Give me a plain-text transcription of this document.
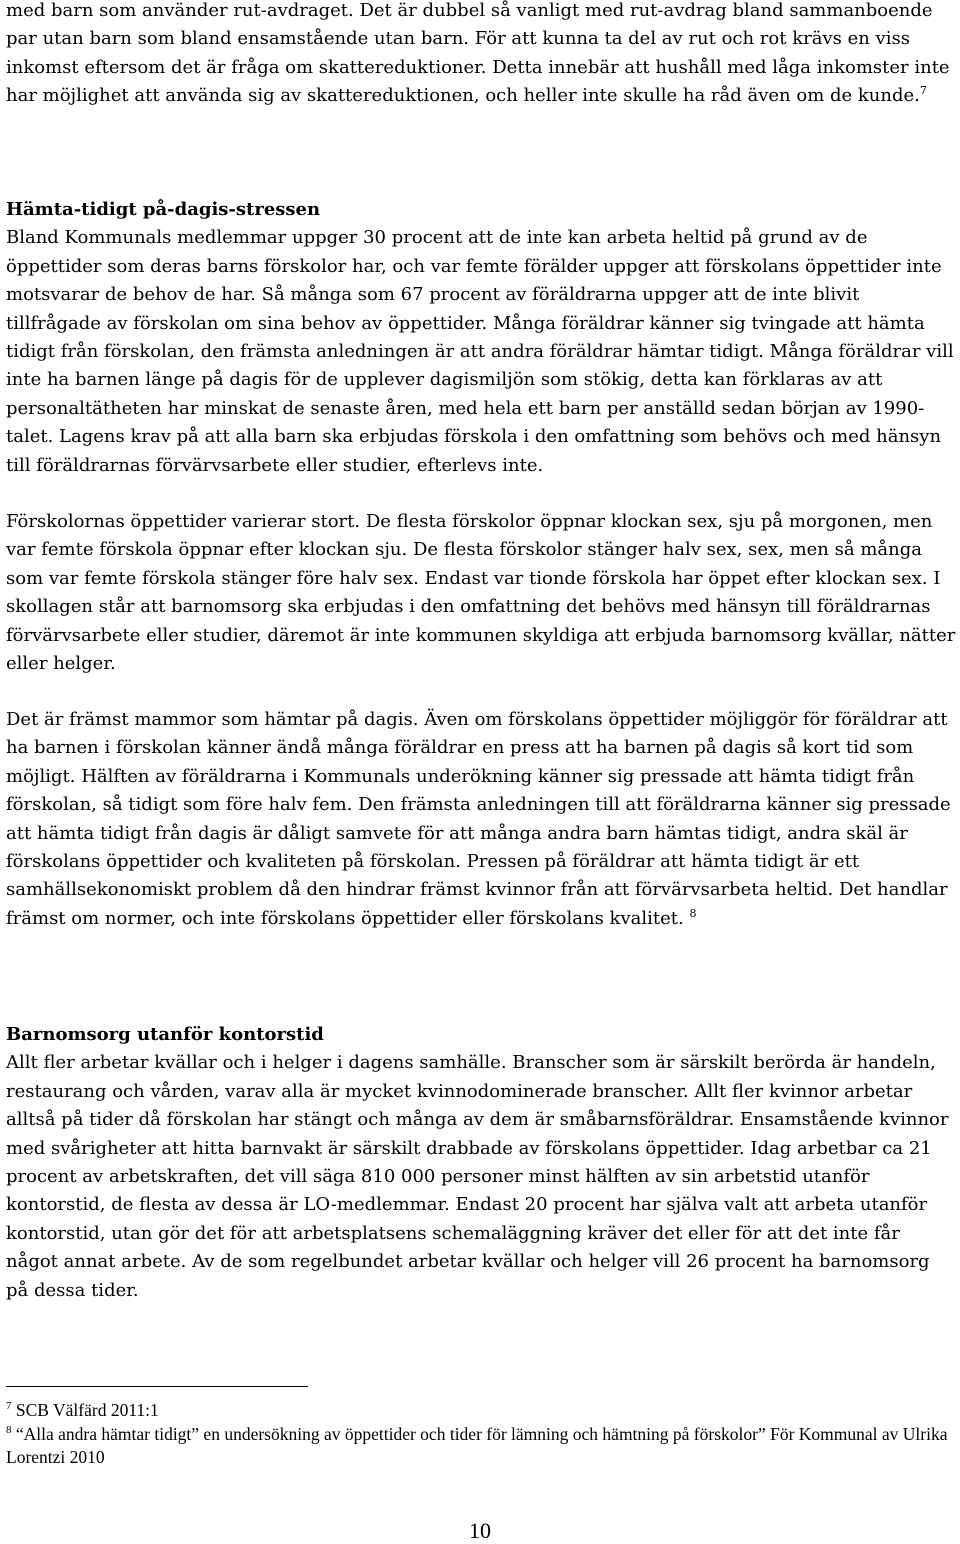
med barn som använder rut-avdraget. Det är dubbel så vanligt med rut-avdrag bland sammanboende par utan barn som bland ensamstående utan barn. För att kunna ta del av rut och rot krävs en viss inkomst eftersom det är fråga om skattereduktioner. Detta innebär att hushåll med låga inkomster inte har möjlighet att använda sig av skattereduktionen, och heller inte skulle ha råd även om de kunde.$^7$

Hämta-tidigt på-dagis-stressen

Bland Kommunals medlemmar uppger 30 procent att de inte kan arbeta heltid på grund av de öppettider som deras barns förskolor har, och var femte förälder uppger att förskolans öppettider inte motsvarar de behov de har. Så många som 67 procent av föräldrarna uppger att de inte blivit tillfrågade av förskolan om sina behov av öppettider. Många föräldrar känner sig tvingade att hämta tidigt från förskolan, den främsta anledningen är att andra föräldrar hämtar tidigt. Många föräldrar vill inte ha barnen länge på dagis för de upplever dagismiljön som stökig, detta kan förklaras av att personaltätheten har minskat de senaste åren, med hela ett barn per anställd sedan början av 1990-talet. Lagens krav på att alla barn ska erbjudas förskola i den omfattning som behövs och med hänsyn till föräldrarnas förvärvsarbete eller studier, efterlevs inte.

Förskolornas öppettider varierar stort. De flesta förskolor öppnar klockan sex, sju på morgonen, men var femte förskola öppnar efter klockan sju. De flesta förskolor stänger halv sex, sex, men så många som var femte förskola stänger före halv sex. Endast var tionde förskola har öppet efter klockan sex. I skollagen står att barnomsorg ska erbjudas i den omfattning det behövs med hänsyn till föräldrarnas förvärvsarbete eller studier, däremot är inte kommunen skyldiga att erbjuda barnomsorg kvällar, nätter eller helger.

Det är främst mammor som hämtar på dagis. Även om förskolans öppettider möjliggör för föräldrar att ha barnen i förskolan känner ändå många föräldrar en press att ha barnen på dagis så kort tid som möjligt. Hälften av föräldrarna i Kommunals underökning känner sig pressade att hämta tidigt från förskolan, så tidigt som före halv fem. Den främsta anledningen till att föräldrarna känner sig pressade att hämta tidigt från dagis är dåligt samvete för att många andra barn hämtas tidigt, andra skäl är förskolans öppettider och kvaliteten på förskolan. Pressen på föräldrar att hämta tidigt är ett samhällsekonomiskt problem då den hindrar främst kvinnor från att förvärvsarbeta heltid. Det handlar främst om normer, och inte förskolans öppettider eller förskolans kvalitet. $^8$

Barnomsorg utanför kontorstid

Allt fler arbetar kvällar och i helger i dagens samhälle. Branscher som är särskilt berörda är handeln, restaurang och vården, varav alla är mycket kvinnodominerade branscher. Allt fler kvinnor arbetar alltså på tider då förskolan har stängt och många av dem är småbarnsföräldrar. Ensamstående kvinnor med svårigheter att hitta barnvakt är särskilt drabbade av förskolans öppettider. Idag arbetbar ca 21 procent av arbetskraften, det vill säga 810 000 personer minst hälften av sin arbetstid utanför kontorstid, de flesta av dessa är LO-medlemmar. Endast 20 procent har själva valt att arbeta utanför kontorstid, utan gör det för att arbetsplatsens schemaläggning kräver det eller för att det inte får något annat arbete. Av de som regelbundet arbetar kvällar och helger vill 26 procent ha barnomsorg på dessa tider.

$^7$ SCB Välfärd 2011:1

$^8$ “Alla andra hämtar tidigt” en undersökning av öppettider och tider för lämning och hämtning på förskolor” För Kommunal av Ulrika Lorentzi 2010

10
